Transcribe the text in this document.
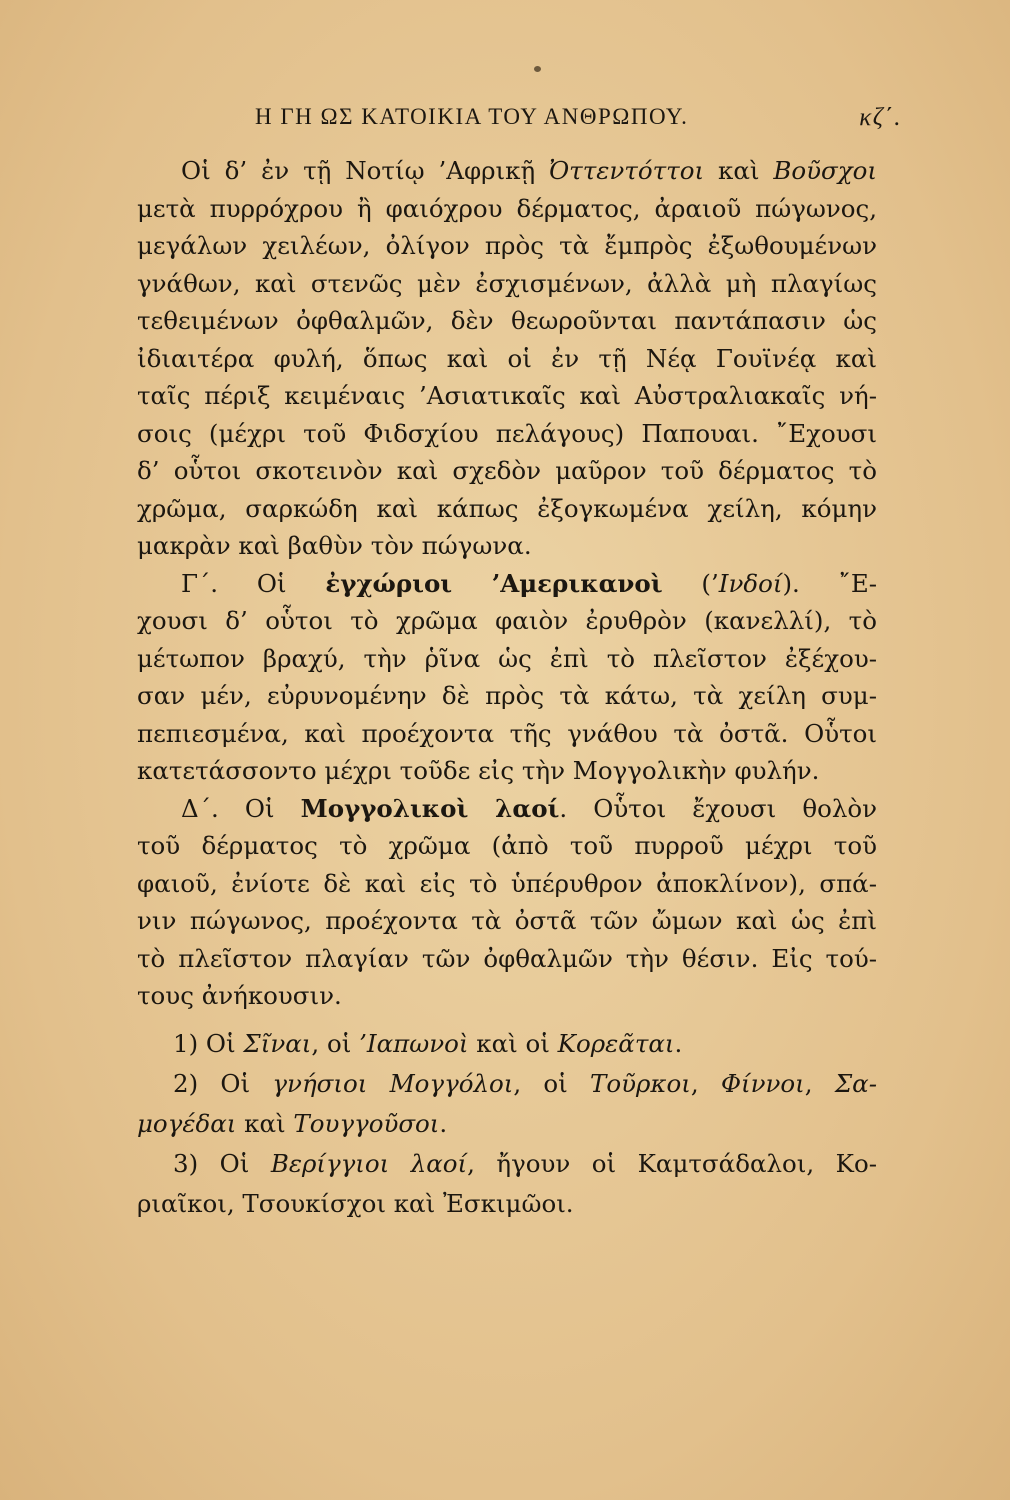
Η ΓΗ ΩΣ ΚΑΤΟΙΚΙΑ ΤΟΥ ΑΝΘΡΩΠΟΥ.	κζ΄.
Οἱ δ’ ἐν τῇ Νοτίῳ ’Αφρικῇ Ὀττεντόττοι καὶ Βοῦσχοι
μετὰ πυρρόχρου ἢ φαιόχρου δέρματος, ἀραιοῦ πώγωνος,
μεγάλων χειλέων, ὀλίγον πρὸς τὰ ἔμπρὸς ἐξωθουμένων
γνάθων, καὶ στενῶς μὲν ἐσχισμένων, ἀλλὰ μὴ πλαγίως
τεθειμένων ὀφθαλμῶν, δὲν θεωροῦνται παντάπασιν ὡς
ἰδιαιτέρα φυλή, ὅπως καὶ οἱ ἐν τῇ Νέᾳ Γουϊνέᾳ καὶ
ταῖς πέριξ κειμέναις ’Ασιατικαῖς καὶ Αὐστραλιακαῖς νή-
σοις (μέχρι τοῦ Φιδσχίου πελάγους) Παπουαι. ῎Εχουσι
δ’ οὗτοι σκοτεινὸν καὶ σχεδὸν μαῦρον τοῦ δέρματος τὸ
χρῶμα, σαρκώδη καὶ κάπως ἐξογκωμένα χείλη, κόμην
μακρὰν καὶ βαθὺν τὸν πώγωνα.
Γ΄. Οἱ ἐγχώριοι ’Αμερικανοὶ (’Ινδοί). ῎Ε-
χουσι δ’ οὗτοι τὸ χρῶμα φαιὸν ἐρυθρὸν (κανελλί), τὸ
μέτωπον βραχύ, τὴν ῥῖνα ὡς ἐπὶ τὸ πλεῖστον ἐξέχου-
σαν μέν, εὐρυνομένην δὲ πρὸς τὰ κάτω, τὰ χείλη συμ-
πεπιεσμένα, καὶ προέχοντα τῆς γνάθου τὰ ὀστᾶ. Οὗτοι
κατετάσσοντο μέχρι τοῦδε εἰς τὴν Μογγολικὴν φυλήν.
Δ΄. Οἱ Μογγολικοὶ λαοί. Οὗτοι ἔχουσι θολὸν
τοῦ δέρματος τὸ χρῶμα (ἀπὸ τοῦ πυρροῦ μέχρι τοῦ
φαιοῦ, ἐνίοτε δὲ καὶ εἰς τὸ ὑπέρυθρον ἀποκλίνον), σπά-
νιν πώγωνος, προέχοντα τὰ ὀστᾶ τῶν ὤμων καὶ ὡς ἐπὶ
τὸ πλεῖστον πλαγίαν τῶν ὀφθαλμῶν τὴν θέσιν. Εἰς τού-
τους ἀνήκουσιν.
1) Οἱ Σῖναι, οἱ ’Ιαπωνοὶ καὶ οἱ Κορεᾶται.
2) Οἱ γνήσιοι Μογγόλοι, οἱ Τοῦρκοι, Φίννοι, Σα-
μογέδαι καὶ Τουγγοῦσοι.
3) Οἱ Βερίγγιοι λαοί, ἤγουν οἱ Καμτσάδαλοι, Κο-
ριαῖκοι, Τσουκίσχοι καὶ Ἐσκιμῶοι.
